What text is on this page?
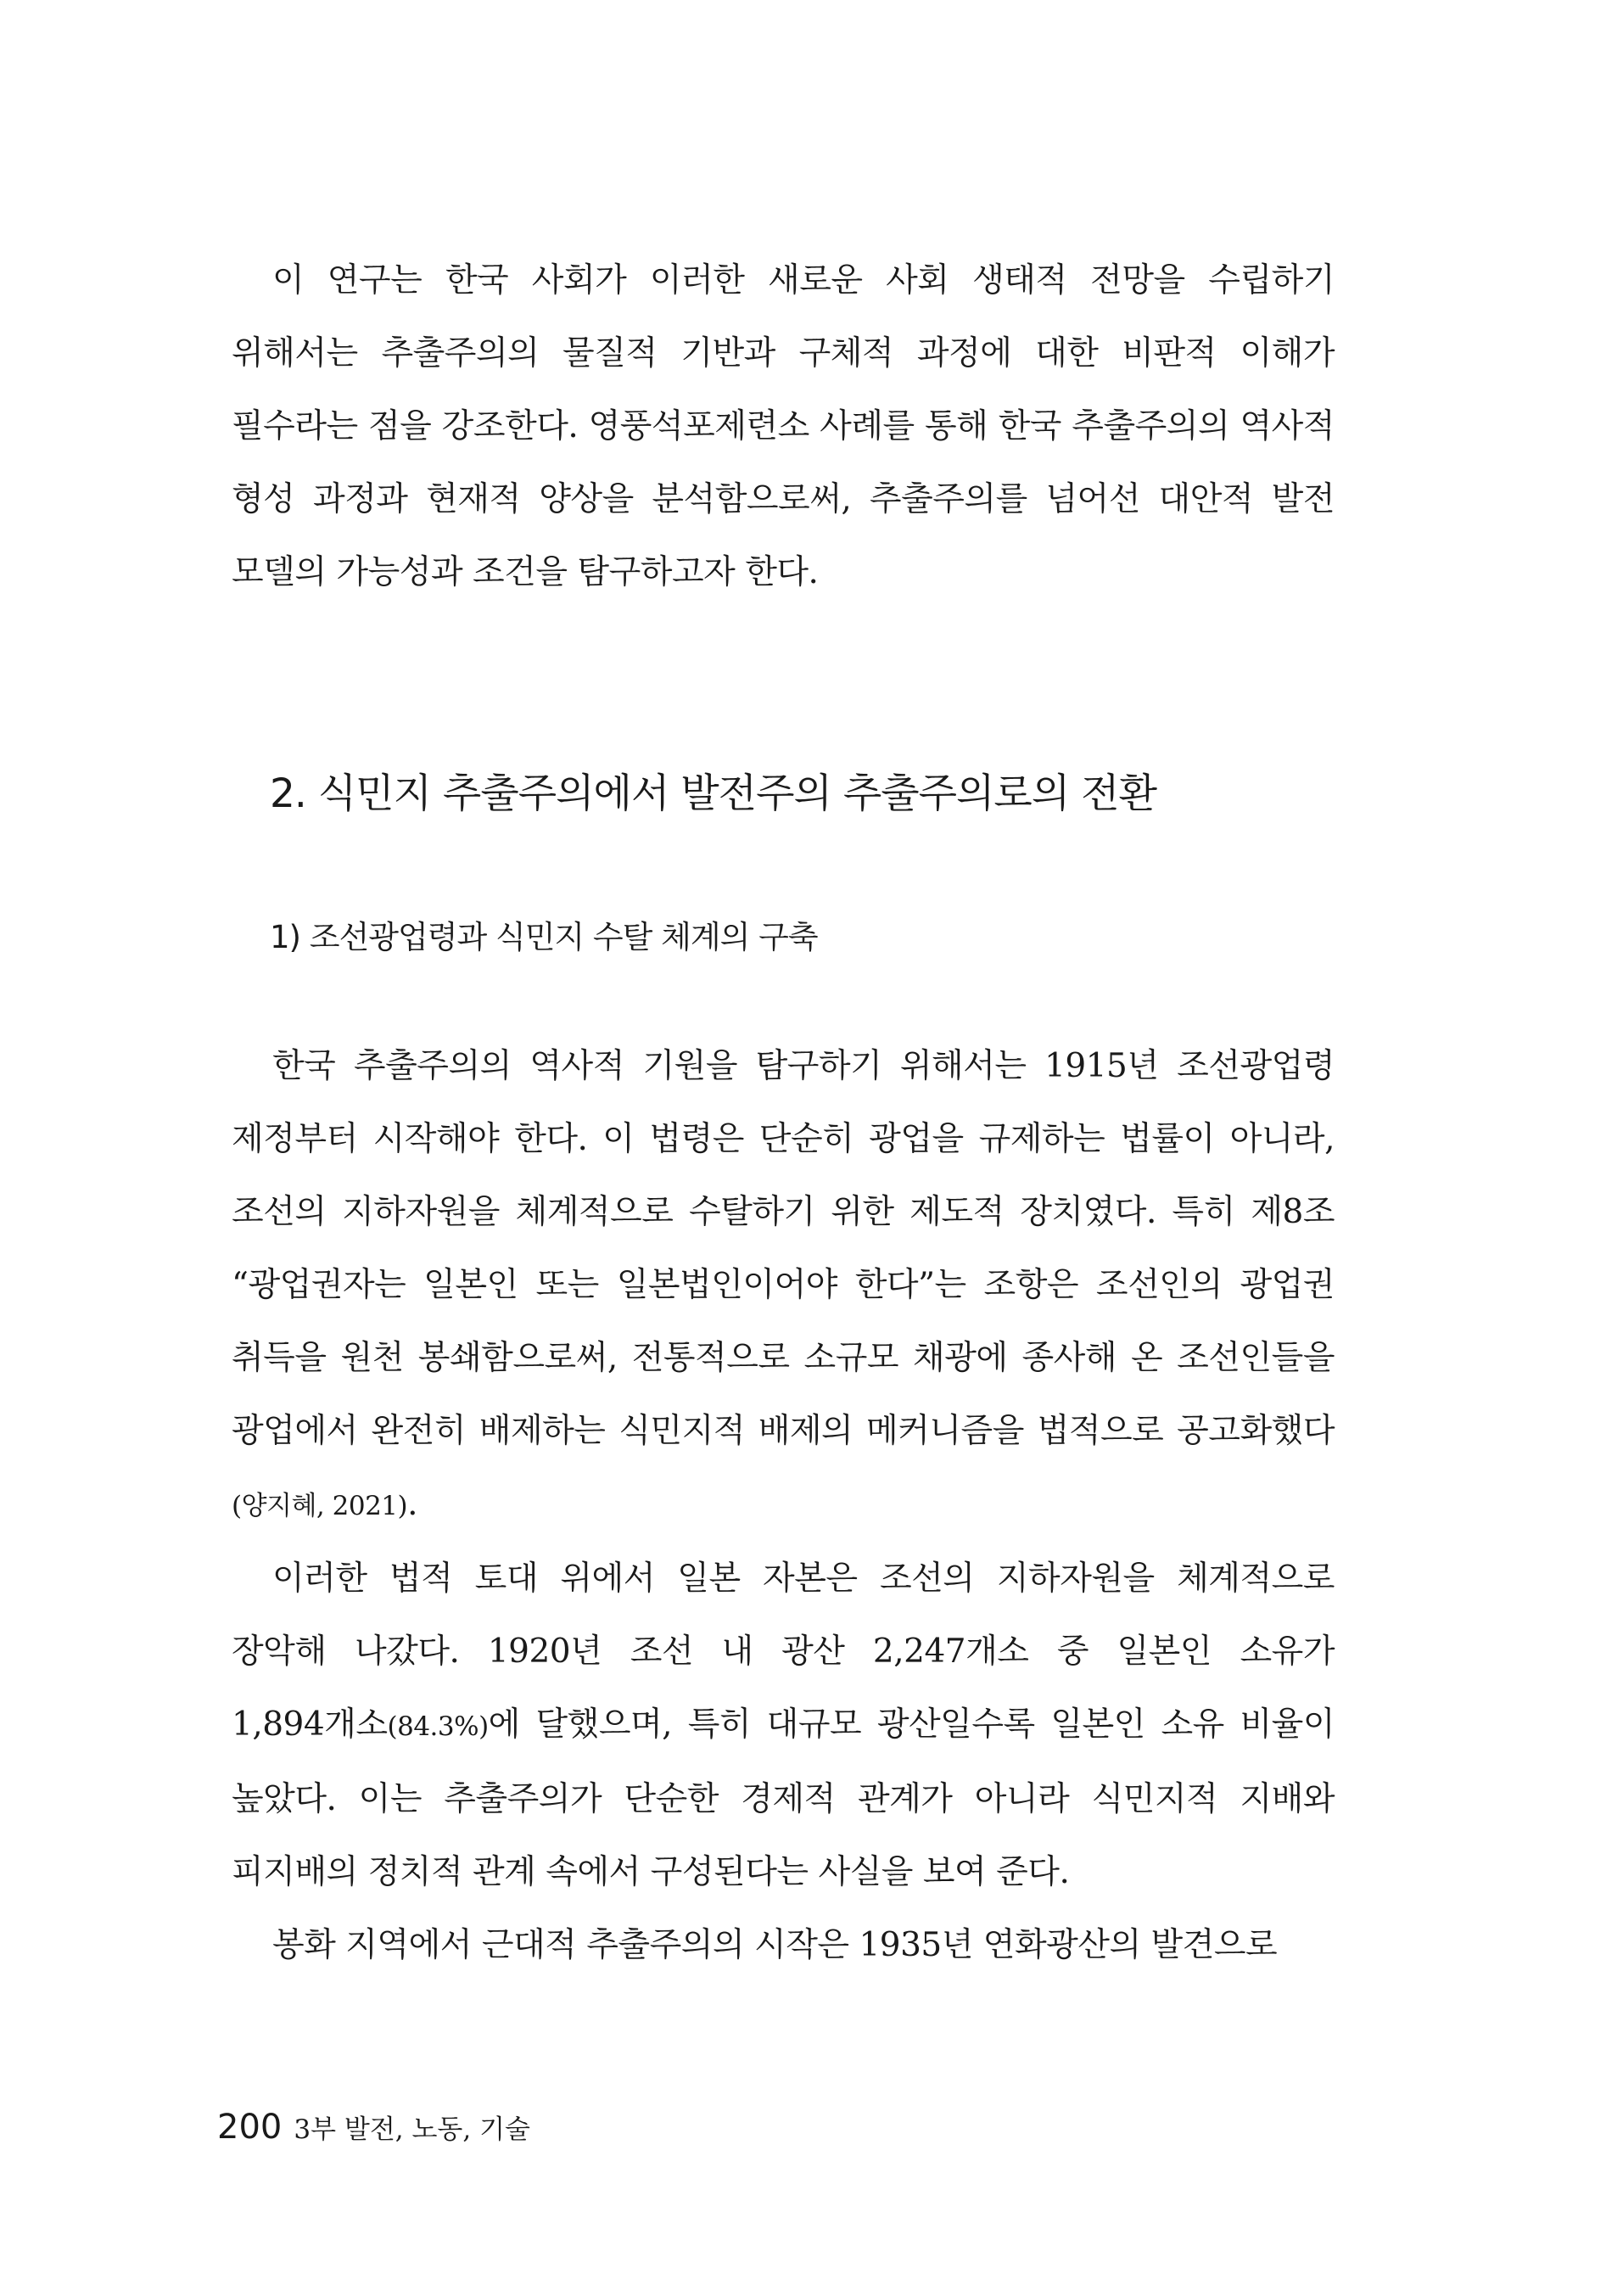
이 연구는 한국 사회가 이러한 새로운 사회 생태적 전망을 수립하기 위해서는 추출주의의 물질적 기반과 구체적 과정에 대한 비판적 이해가 필수라는 점을 강조한다. 영풍석포제련소 사례를 통해 한국 추출주의의 역사적 형성 과정과 현재적 양상을 분석함으로써, 추출주의를 넘어선 대안적 발전 모델의 가능성과 조건을 탐구하고자 한다.

2. 식민지 추출주의에서 발전주의 추출주의로의 전환
1) 조선광업령과 식민지 수탈 체계의 구축

한국 추출주의의 역사적 기원을 탐구하기 위해서는 1915년 조선광업령 제정부터 시작해야 한다. 이 법령은 단순히 광업을 규제하는 법률이 아니라, 조선의 지하자원을 체계적으로 수탈하기 위한 제도적 장치였다. 특히 제8조 “광업권자는 일본인 또는 일본법인이어야 한다”는 조항은 조선인의 광업권 취득을 원천 봉쇄함으로써, 전통적으로 소규모 채광에 종사해 온 조선인들을 광업에서 완전히 배제하는 식민지적 배제의 메커니즘을 법적으로 공고화했다(양지혜, 2021).

이러한 법적 토대 위에서 일본 자본은 조선의 지하자원을 체계적으로 장악해 나갔다. 1920년 조선 내 광산 2,247개소 중 일본인 소유가 1,894개소(84.3%)에 달했으며, 특히 대규모 광산일수록 일본인 소유 비율이 높았다. 이는 추출주의가 단순한 경제적 관계가 아니라 식민지적 지배와 피지배의 정치적 관계 속에서 구성된다는 사실을 보여 준다.

봉화 지역에서 근대적 추출주의의 시작은 1935년 연화광산의 발견으로

200 3부 발전, 노동, 기술
